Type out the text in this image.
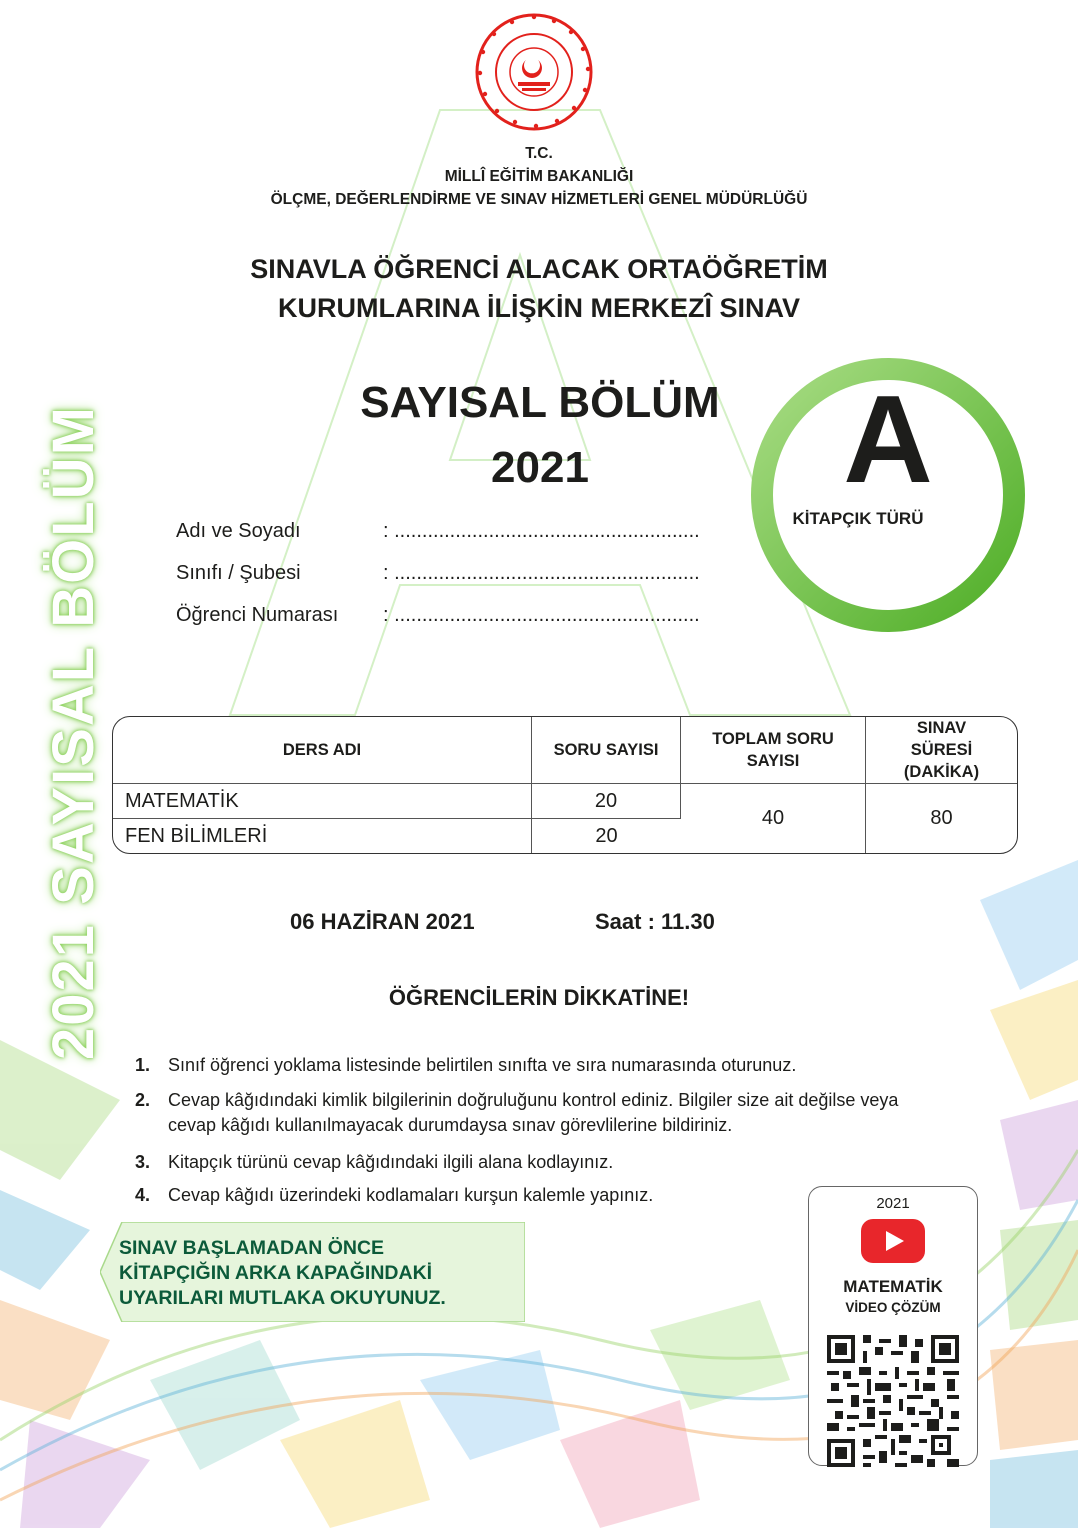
T.C.
MİLLÎ EĞİTİM BAKANLIĞI
ÖLÇME, DEĞERLENDİRME VE SINAV HİZMETLERİ GENEL MÜDÜRLÜĞÜ
SINAVLA ÖĞRENCİ ALACAK ORTAÖĞRETİM
KURUMLARINA İLİŞKİN MERKEZÎ SINAV
SAYISAL BÖLÜM
2021
2021 SAYISAL BÖLÜM	A
KİTAPÇIK TÜRÜ
Adı ve Soyadı	: .......................................................
Sınıfı / Şubesi	: .......................................................
Öğrenci Numarası : .......................................................
DERS ADI	SORU SAYISI	TOPLAM SORU SAYISI	SINAV SÜRESİ (DAKİKA)
MATEMATİK	20	40	80
FEN BİLİMLERİ	20		
06 HAZİRAN 2021	Saat : 11.30
ÖĞRENCİLERİN DİKKATİNE!
1. Sınıf öğrenci yoklama listesinde belirtilen sınıfta ve sıra numarasında oturunuz.
2. Cevap kâğıdındaki kimlik bilgilerinin doğruluğunu kontrol ediniz. Bilgiler size ait değilse veya
cevap kâğıdı kullanılmayacak durumdaysa sınav görevlilerine bildiriniz.
3. Kitapçık türünü cevap kâğıdındaki ilgili alana kodlayınız.
4. Cevap kâğıdı üzerindeki kodlamaları kurşun kalemle yapınız.
SINAV BAŞLAMADAN ÖNCE
KİTAPÇIĞIN ARKA KAPAĞINDAKİ
UYARILARI MUTLAKA OKUYUNUZ.
2021
MATEMATİK
VİDEO ÇÖZÜM
